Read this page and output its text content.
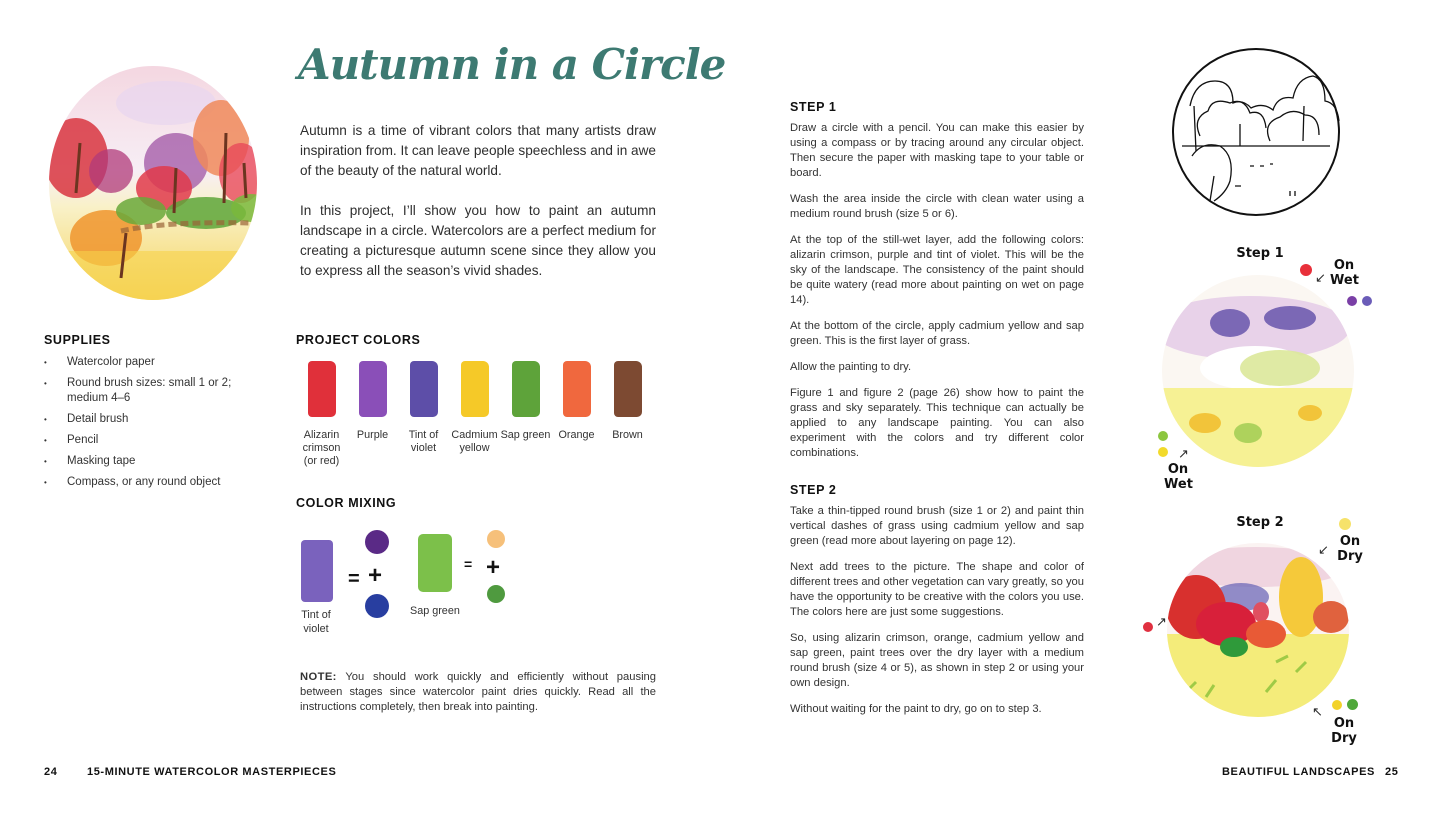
Autumn in a Circle

Autumn is a time of vibrant colors that many artists draw inspiration from. It can leave people speechless and in awe of the beauty of the natural world.

In this project, I’ll show you how to paint an autumn landscape in a circle. Watercolors are a perfect medium for creating a picturesque autumn scene since they allow you to express all the season’s vivid shades.

SUPPLIES
• Watercolor paper
• Round brush sizes: small 1 or 2; medium 4–6
• Detail brush
• Pencil
• Masking tape
• Compass, or any round object
PROJECT COLORS
Alizarin crimson (or red)
Purple Tint of violet
Cadmium yellow
Sap green Orange Brown
COLOR MIXING
Tint of violet
= +
Sap green
= +
NOTE: You should work quickly and efficiently without pausing between stages since watercolor paint dries quickly. Read all the instructions completely, then break into painting.
STEP 1

Draw a circle with a pencil. You can make this easier by using a compass or by tracing around any circular object. Then secure the paper with masking tape to your table or board.

Wash the area inside the circle with clean water using a medium round brush (size 5 or 6).

At the top of the still-wet layer, add the following colors: alizarin crimson, purple and tint of violet. This will be the sky of the landscape. The consistency of the paint should be quite watery (read more about painting on wet on page 14).

At the bottom of the circle, apply cadmium yellow and sap green. This is the first layer of grass.

Allow the painting to dry.

Figure 1 and figure 2 (page 26) show how to paint the grass and sky separately. This technique can actually be applied to any landscape painting. You can also experiment with the colors and try different color combinations.

STEP 2

Take a thin-tipped round brush (size 1 or 2) and paint thin vertical dashes of grass using cadmium yellow and sap green (read more about layering on page 12).

Next add trees to the picture. The shape and color of different trees and other vegetation can vary greatly, so you have the opportunity to be creative with the colors you use. The colors here are just some suggestions.

So, using alizarin crimson, orange, cadmium yellow and sap green, paint trees over the dry layer with a medium round brush (size 4 or 5), as shown in step 2 or using your own design.

Without waiting for the paint to dry, go on to step 3.

Step 1
↙
On Wet
↗
On Wet
Step 2
↙
On Dry
↗
↖
On Dry
24	15-MINUTE WATERCOLOR MASTERPIECES	BEAUTIFUL LANDSCAPES 25
